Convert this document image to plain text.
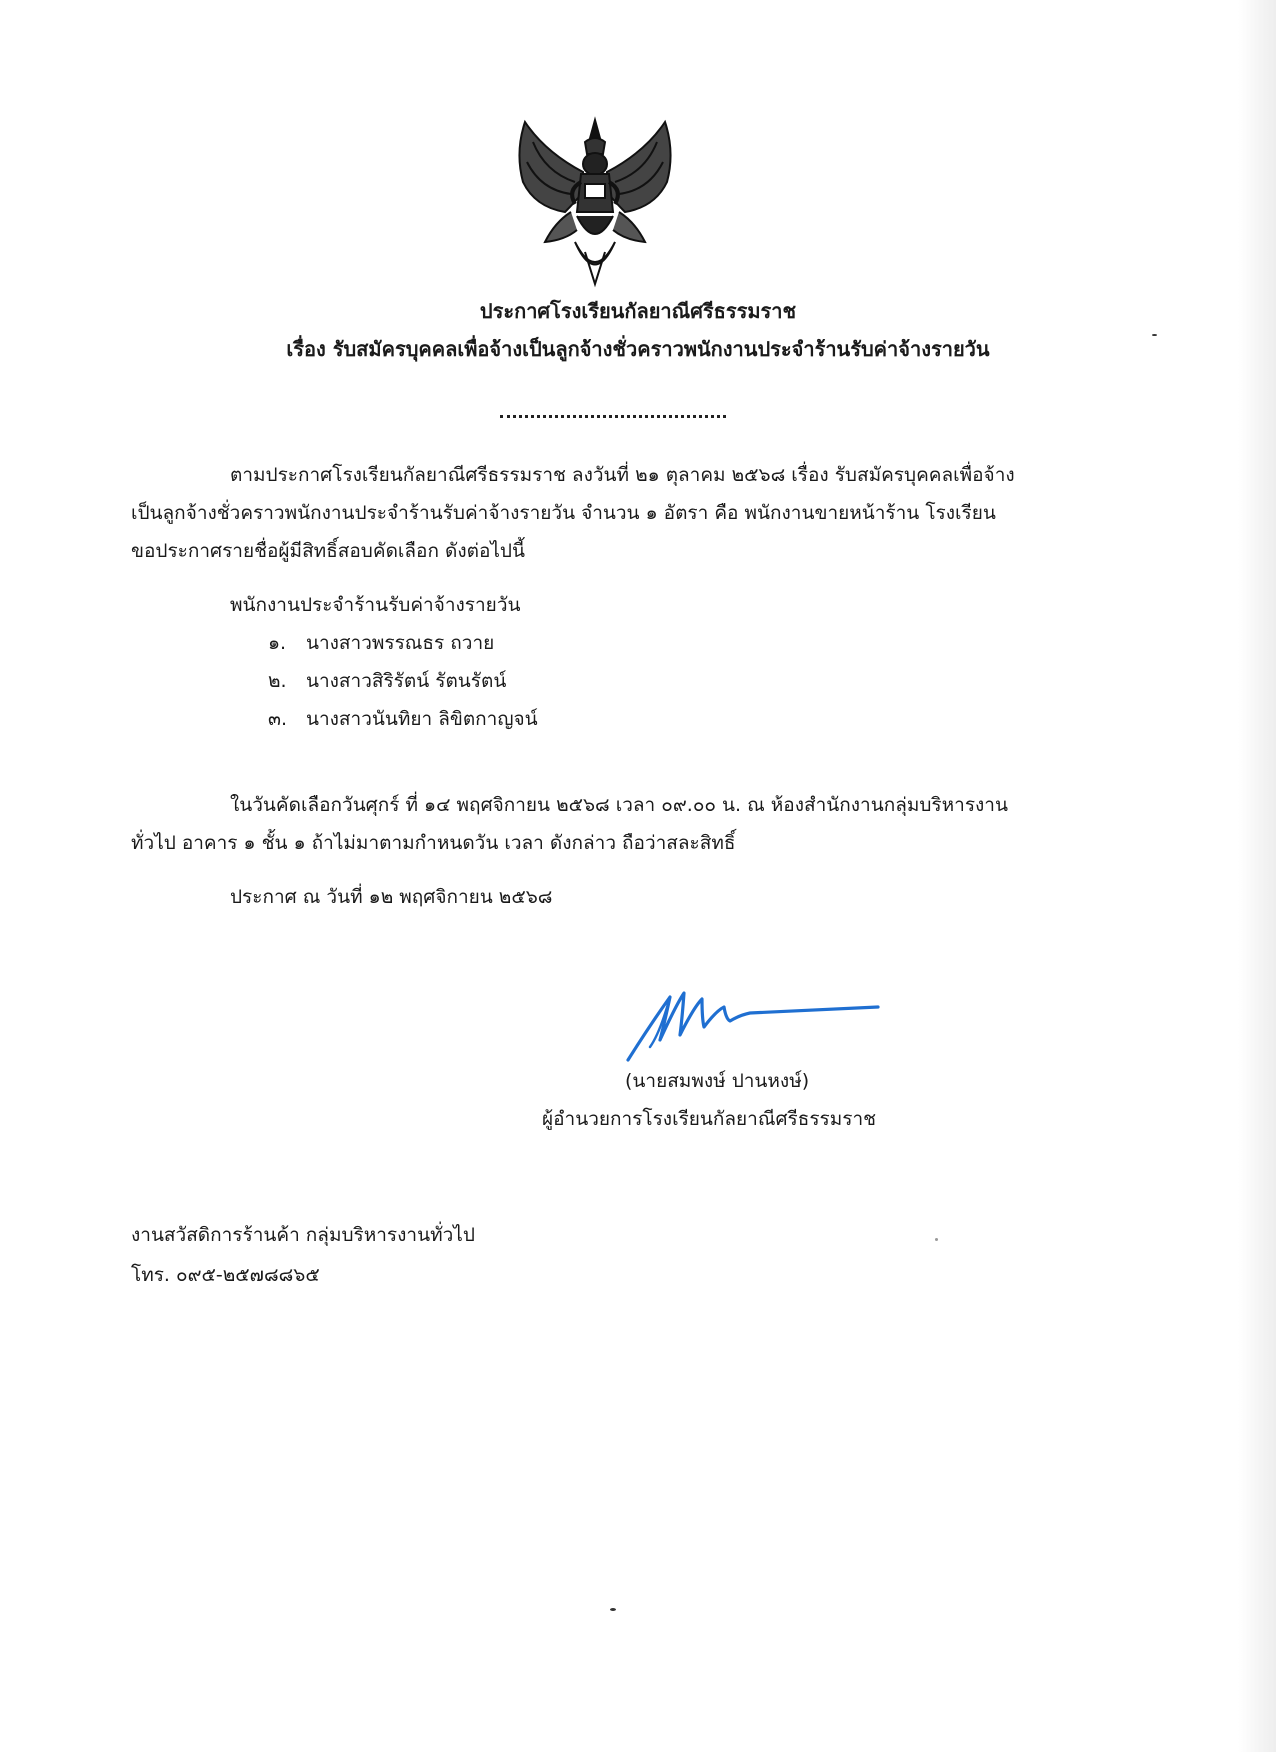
ประกาศโรงเรียนกัลยาณีศรีธรรมราช
เรื่อง รับสมัครบุคคลเพื่อจ้างเป็นลูกจ้างชั่วคราวพนักงานประจำร้านรับค่าจ้างรายวัน
ตามประกาศโรงเรียนกัลยาณีศรีธรรมราช ลงวันที่ ๒๑ ตุลาคม ๒๕๖๘ เรื่อง รับสมัครบุคคลเพื่อจ้าง
เป็นลูกจ้างชั่วคราวพนักงานประจำร้านรับค่าจ้างรายวัน จำนวน ๑ อัตรา คือ พนักงานขายหน้าร้าน โรงเรียน
ขอประกาศรายชื่อผู้มีสิทธิ์สอบคัดเลือก ดังต่อไปนี้
พนักงานประจำร้านรับค่าจ้างรายวัน
๑. นางสาวพรรณธร ถวาย
๒. นางสาวสิริรัตน์ รัตนรัตน์
๓. นางสาวนันทิยา ลิขิตกาญจน์
ในวันคัดเลือกวันศุกร์ ที่ ๑๔ พฤศจิกายน ๒๕๖๘ เวลา ๐๙.๐๐ น. ณ ห้องสำนักงานกลุ่มบริหารงาน
ทั่วไป อาคาร ๑ ชั้น ๑ ถ้าไม่มาตามกำหนดวัน เวลา ดังกล่าว ถือว่าสละสิทธิ์
ประกาศ ณ วันที่ ๑๒ พฤศจิกายน ๒๕๖๘
(นายสมพงษ์ ปานหงษ์)
ผู้อำนวยการโรงเรียนกัลยาณีศรีธรรมราช
งานสวัสดิการร้านค้า กลุ่มบริหารงานทั่วไป
โทร. ๐๙๕-๒๕๗๘๘๖๕
